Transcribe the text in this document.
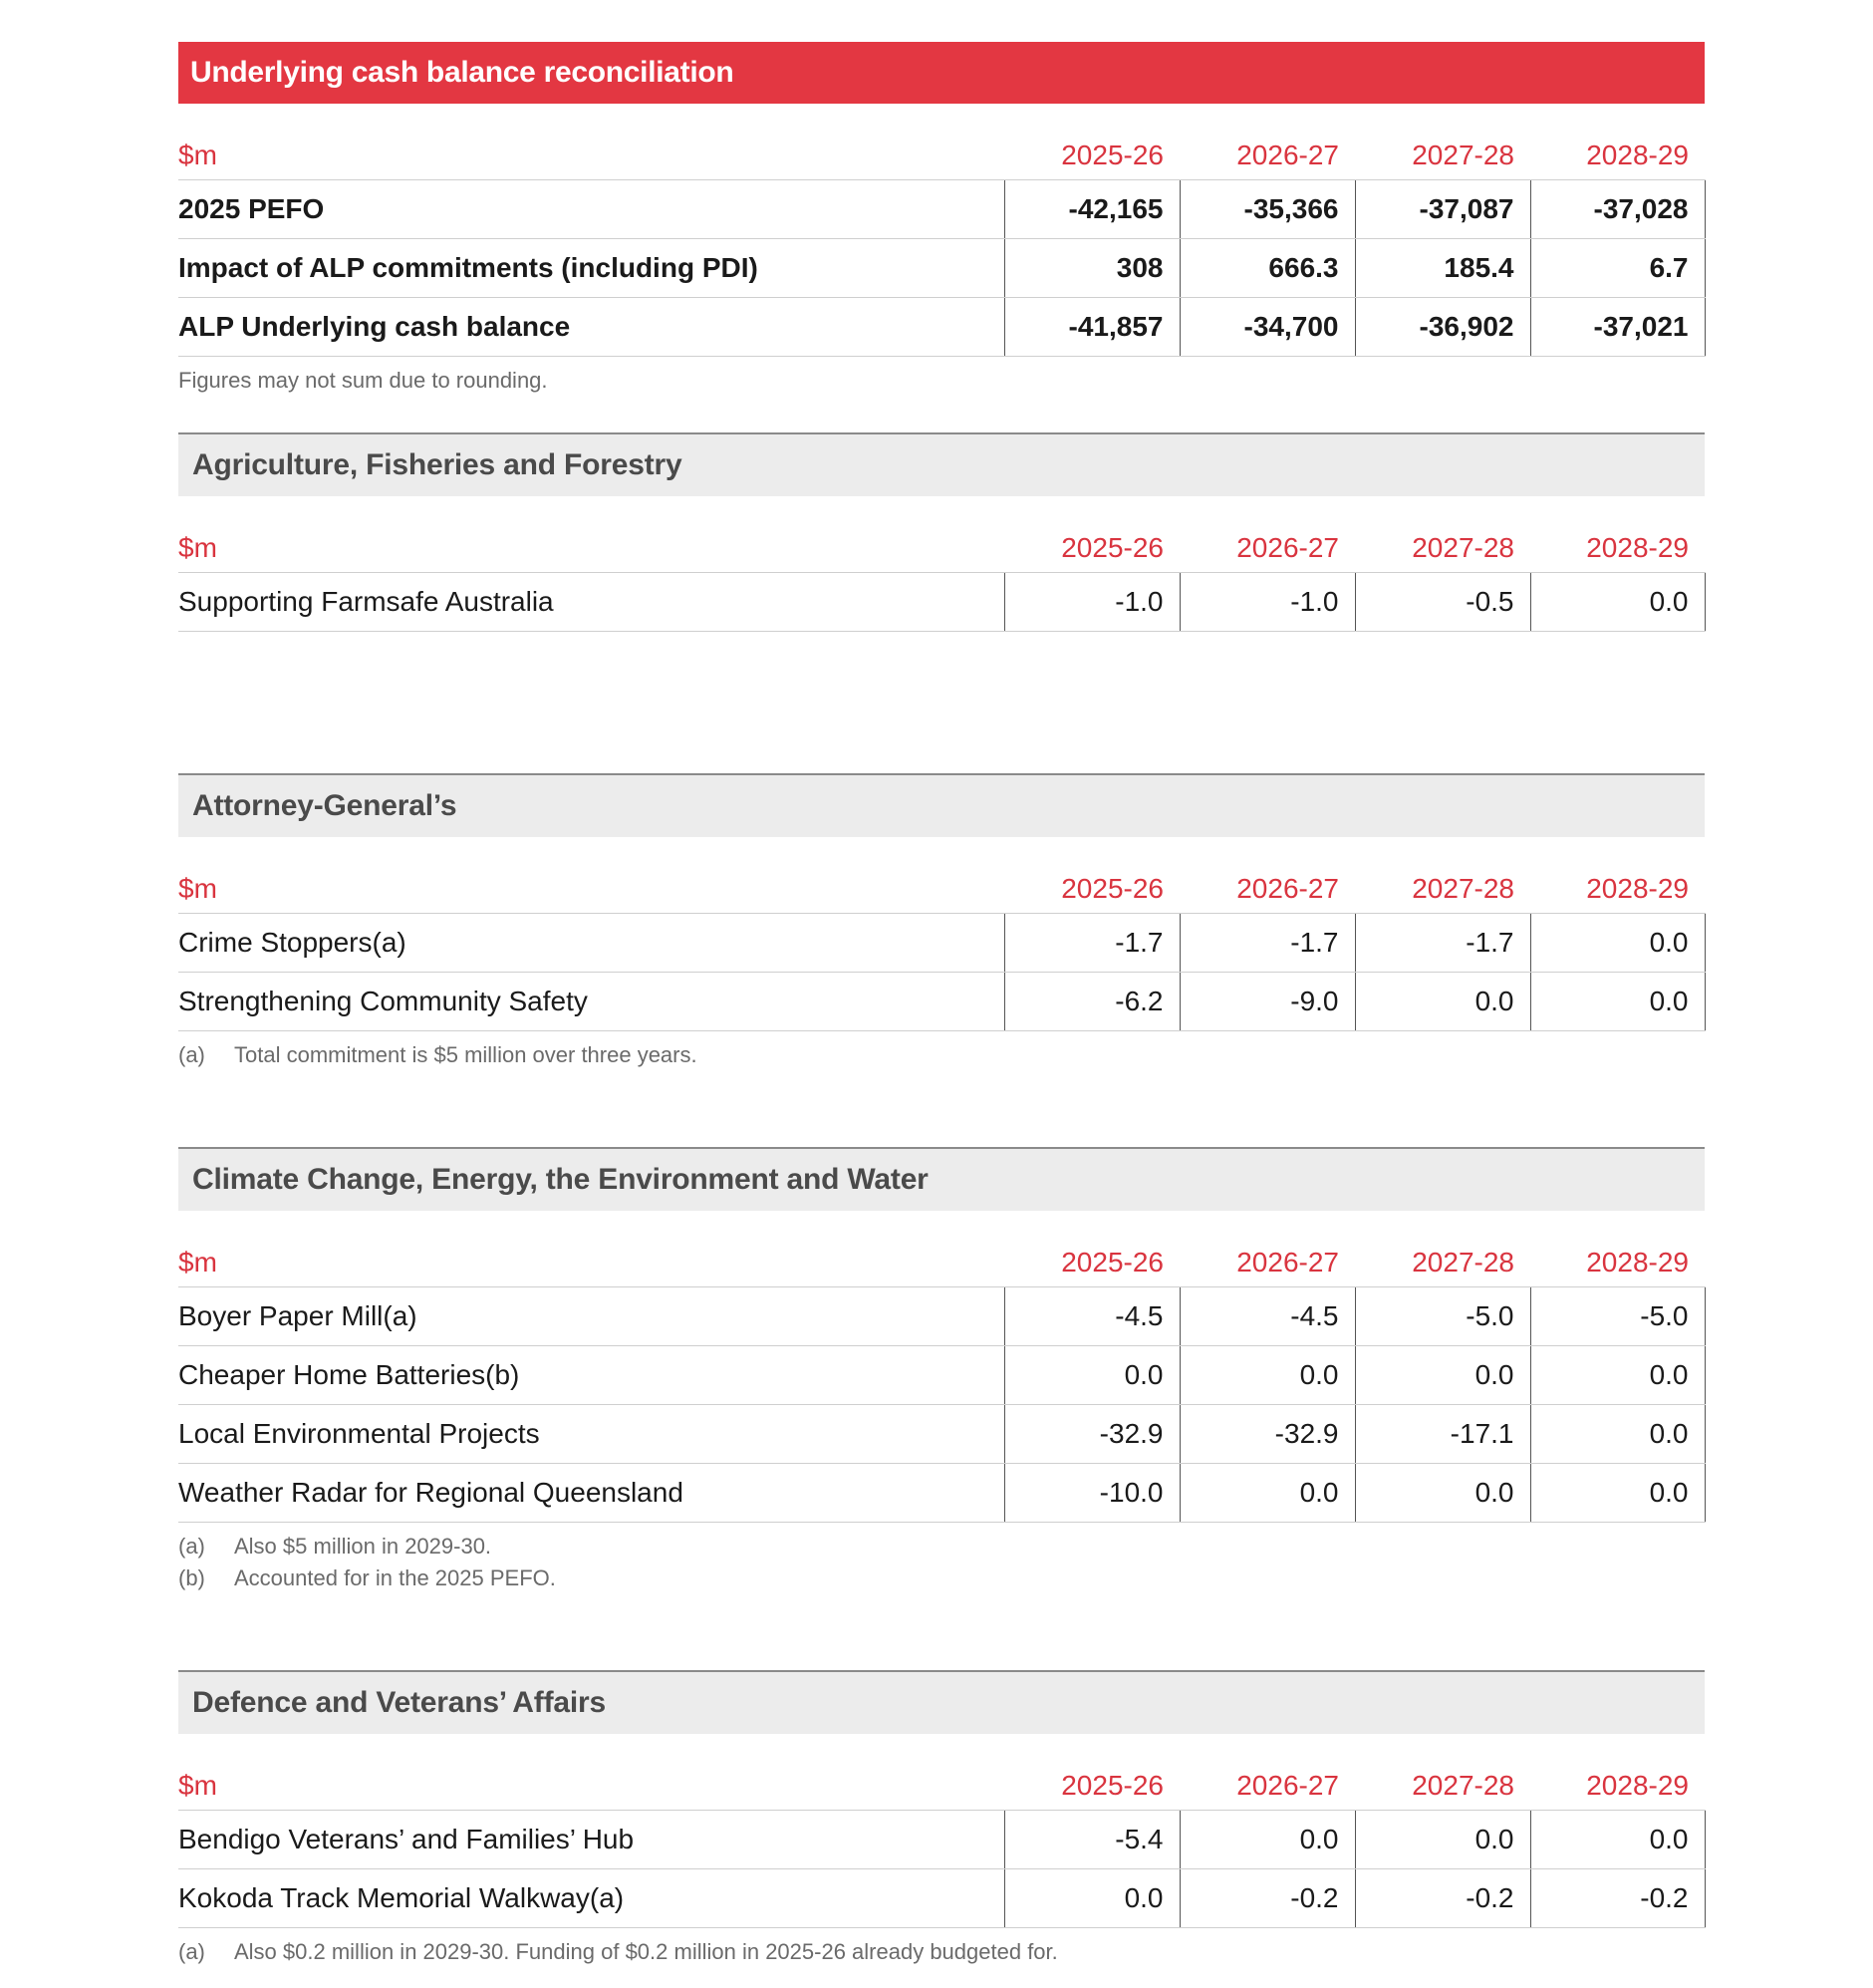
Underlying cash balance reconciliation
$m	2025-26	2026-27	2027-28	2028-29
2025 PEFO	-42,165	-35,366	-37,087	-37,028
Impact of ALP commitments (including PDI)	308	666.3	185.4	6.7
ALP Underlying cash balance	-41,857	-34,700	-36,902	-37,021
Figures may not sum due to rounding.
Agriculture, Fisheries and Forestry
$m	2025-26	2026-27	2027-28	2028-29
Supporting Farmsafe Australia	-1.0	-1.0	-0.5	0.0
Attorney-General’s
$m	2025-26	2026-27	2027-28	2028-29
Crime Stoppers(a)	-1.7	-1.7	-1.7	0.0
Strengthening Community Safety	-6.2	-9.0	0.0	0.0
(a) Total commitment is $5 million over three years.
Climate Change, Energy, the Environment and Water
$m	2025-26	2026-27	2027-28	2028-29
Boyer Paper Mill(a)	-4.5	-4.5	-5.0	-5.0
Cheaper Home Batteries(b)	0.0	0.0	0.0	0.0
Local Environmental Projects	-32.9	-32.9	-17.1	0.0
Weather Radar for Regional Queensland	-10.0	0.0	0.0	0.0
(a) Also $5 million in 2029-30.
(b) Accounted for in the 2025 PEFO.
Defence and Veterans’ Affairs
$m	2025-26	2026-27	2027-28	2028-29
Bendigo Veterans’ and Families’ Hub	-5.4	0.0	0.0	0.0
Kokoda Track Memorial Walkway(a)	0.0	-0.2	-0.2	-0.2
(a) Also $0.2 million in 2029-30. Funding of $0.2 million in 2025-26 already budgeted for.
